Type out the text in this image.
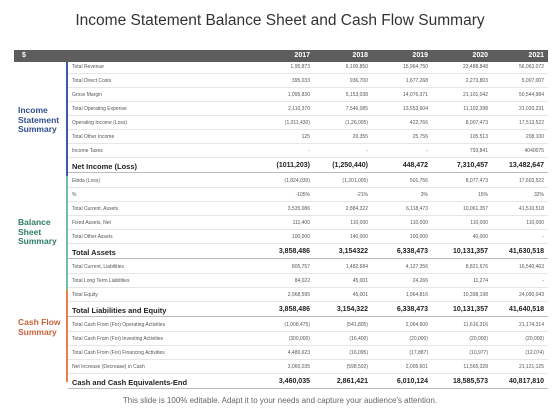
Income Statement Balance Sheet and Cash Flow Summary
$	2017	2018	2019	2020	2021
Income
Statement
Summary
Balance
Sheet
Summary
Cash Flow
Summary
Total Revenue	1,95,873	6,100,850	15,964,750	23,488,848	56,063,072
Total Direct Costs	395,033	936,700	1,677,268	2,273,803	5,007,007
Gross Margin	1,095,830	5,153,038	14,076,371	21,101,042	50,544,984
Total Operating Expense	2,110,370	7,546,085	13,553,604	11,102,398	21,020,231
Operating Income (Loss)	(1,011,430)	(1,26,005)	422,766	8,007,473	17,513,522
Total Other Income	125	20,355	25,756	105,513	208,100
Income Taxes	-	-	-	793,841	4040075
Net Income (Loss)	(1011,203)	(1,250,440)	448,472	7,310,457	13,482,647
Ebida (Loss)	(1,824,030)	(1,201,005)	501,756	8,077,473	17,603,522
%	-105%	-21%	3%	15%	32%
Total Current, Assets	3,535,086	2,884,322	6,118,473	10,061,357	41,510,518
Fixed Assets, Net	111,400	110,000	110,000	110,000	110,000
Total Other Assets	100,000	140,000	100,000	40,000	-
Total Assets	3,858,486	3,154322	6,338,473	10,131,357	41,630,518
Total Current, Liabilities	805,757	1,482,684	4,127,356	8,821,676	16,540,463
Total Long Term Liabilities	84,022	45,001	24,266	11,274	-
Total Equity	2,968,595	45,001	1,964,816	10,398,198	24,090,043
Total Liabilities and Equity	3,858,486	3,154,322	6,338,473	10,131,357	41,640,518
Total Cash From (For) Operating Activities	(1,008,475)	(541,805)	2,064,600	11,616,316	21,174,314
Total Cash From (For) Investing Activities	(300,000)	(16,400)	(20,000)	(20,000)	(20,000)
Total Cash From (For) Financing Activities	4,480,623	(16,095)	(17,887)	(10,977)	(12,074)
Net Increase (Decrease) in Cash	3,060,035	(598,502)	2,005,601	11,565,328	21,121,125
Cash and Cash Equivalents-End	3,460,035	2,861,421	6,010,124	18,585,573	40,817,810
This slide is 100% editable. Adapt it to your needs and capture your audience's attention.
